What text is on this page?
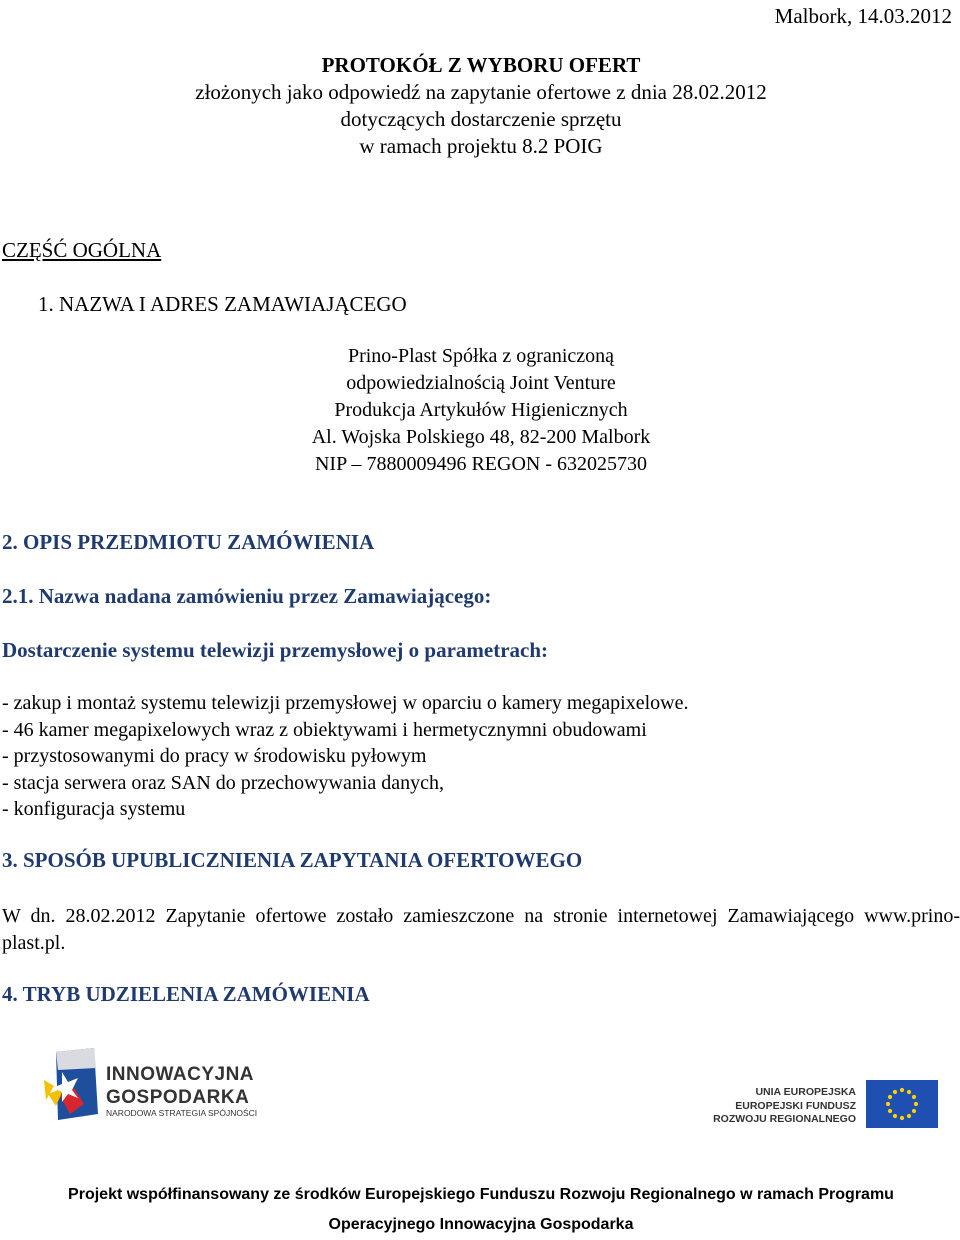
Malbork, 14.03.2012
PROTOKÓŁ Z WYBORU OFERT
złożonych jako odpowiedź na zapytanie ofertowe z dnia 28.02.2012
dotyczących dostarczenie sprzętu
w ramach projektu 8.2 POIG
CZĘŚĆ OGÓLNA
1. NAZWA I ADRES ZAMAWIAJĄCEGO
Prino-Plast Spółka z ograniczoną
odpowiedzialnością Joint Venture
Produkcja Artykułów Higienicznych
Al. Wojska Polskiego 48, 82-200 Malbork
NIP – 7880009496 REGON - 632025730
2. OPIS PRZEDMIOTU ZAMÓWIENIA
2.1. Nazwa nadana zamówieniu przez Zamawiającego:
Dostarczenie systemu telewizji przemysłowej o parametrach:
- zakup i montaż systemu telewizji przemysłowej w oparciu o kamery megapixelowe.
- 46 kamer megapixelowych wraz z obiektywami i hermetycznymni obudowami
- przystosowanymi do pracy w środowisku pyłowym
- stacja serwera oraz SAN do przechowywania danych,
- konfiguracja systemu
3. SPOSÓB UPUBLICZNIENIA ZAPYTANIA OFERTOWEGO
W dn. 28.02.2012 Zapytanie ofertowe zostało zamieszczone na stronie internetowej Zamawiającego www.prino-plast.pl.
4. TRYB UDZIELENIA ZAMÓWIENIA
INNOWACYJNA
GOSPODARKA
NARODOWA STRATEGIA SPÓJNOŚCI
UNIA EUROPEJSKA
EUROPEJSKI FUNDUSZ
ROZWOJU REGIONALNEGO
Projekt współfinansowany ze środków Europejskiego Funduszu Rozwoju Regionalnego w ramach Programu
Operacyjnego Innowacyjna Gospodarka
